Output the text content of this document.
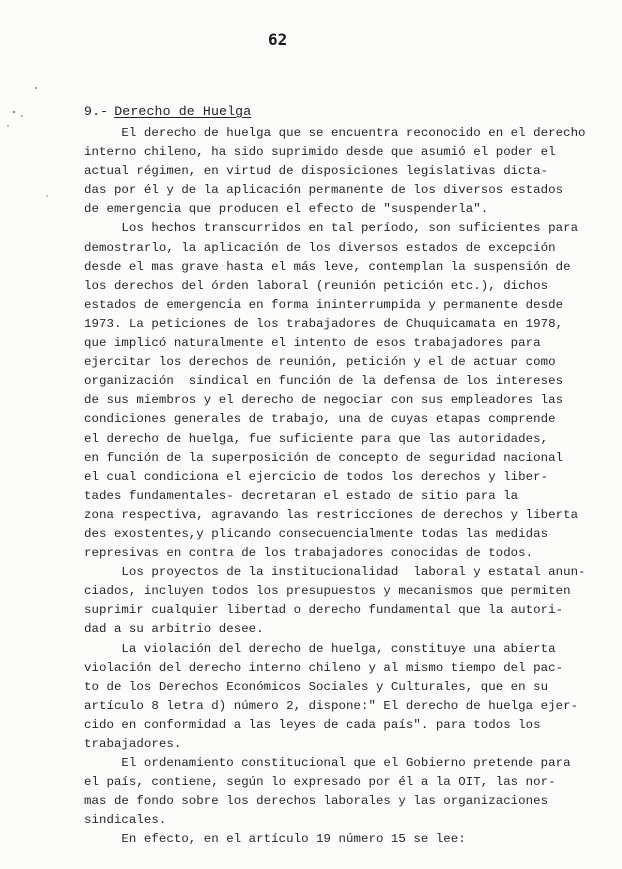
62
9.- Derecho de Huelga
El derecho de huelga que se encuentra reconocido en el derecho
interno chileno, ha sido suprimido desde que asumió el poder el
actual régimen, en virtud de disposiciones legislativas dicta-
das por él y de la aplicación permanente de los diversos estados
de emergencia que producen el efecto de "suspenderla".
Los hechos transcurridos en tal período, son suficientes para
demostrarlo, la aplicación de los diversos estados de excepción
desde el mas grave hasta el más leve, contemplan la suspensión de
los derechos del órden laboral (reunión petición etc.), dichos
estados de emergencia en forma ininterrumpida y permanente desde
1973. La peticiones de los trabajadores de Chuquicamata en 1978,
que implicó naturalmente el intento de esos trabajadores para
ejercitar los derechos de reunión, petición y el de actuar como
organización  sindical en función de la defensa de los intereses
de sus miembros y el derecho de negociar con sus empleadores las
condiciones generales de trabajo, una de cuyas etapas comprende
el derecho de huelga, fue suficiente para que las autoridades,
en función de la superposición de concepto de seguridad nacional
el cual condiciona el ejercicio de todos los derechos y liber-
tades fundamentales- decretaran el estado de sitio para la
zona respectiva, agravando las restricciones de derechos y liberta
des exostentes,y plicando consecuencialmente todas las medidas
represivas en contra de los trabajadores conocidas de todos.
Los proyectos de la institucionalidad  laboral y estatal anun-
ciados, incluyen todos los presupuestos y mecanismos que permiten
suprimir cualquier libertad o derecho fundamental que la autori-
dad a su arbitrio desee.
La violación del derecho de huelga, constituye una abierta
violación del derecho interno chileno y al mismo tiempo del pac-
to de los Derechos Económicos Sociales y Culturales, que en su
artículo 8 letra d) número 2, dispone:" El derecho de huelga ejer-
cido en conformidad a las leyes de cada país". para todos los
trabajadores.
El ordenamiento constitucional que el Gobierno pretende para
el país, contiene, según lo expresado por él a la OIT, las nor-
mas de fondo sobre los derechos laborales y las organizaciones
sindicales.
En efecto, en el artículo 19 número 15 se lee:
